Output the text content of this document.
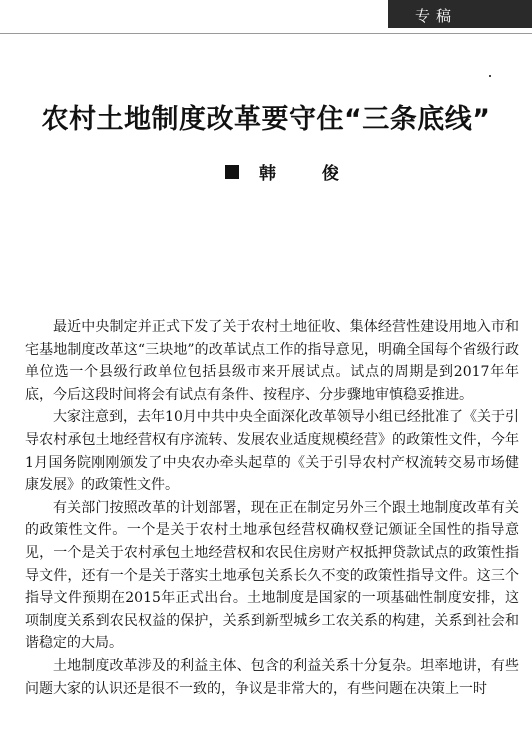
专稿
农村土地制度改革要守住“三条底线”
韩 俊

最近中央制定并正式下发了关于农村土地征收、集体经营性建设用地入市和宅基地制度改革这“三块地”的改革试点工作的指导意见，明确全国每个省级行政单位选一个县级行政单位包括县级市来开展试点。试点的周期是到2017年年底，今后这段时间将会有试点有条件、按程序、分步骤地审慎稳妥推进。

大家注意到，去年10月中共中央全面深化改革领导小组已经批准了《关于引导农村承包土地经营权有序流转、发展农业适度规模经营》的政策性文件，今年1月国务院刚刚颁发了中央农办牵头起草的《关于引导农村产权流转交易市场健康发展》的政策性文件。

有关部门按照改革的计划部署，现在正在制定另外三个跟土地制度改革有关的政策性文件。一个是关于农村土地承包经营权确权登记颁证全国性的指导意见，一个是关于农村承包土地经营权和农民住房财产权抵押贷款试点的政策性指导文件，还有一个是关于落实土地承包关系长久不变的政策性指导文件。这三个指导文件预期在2015年正式出台。土地制度是国家的一项基础性制度安排，这项制度关系到农民权益的保护，关系到新型城乡工农关系的构建，关系到社会和谐稳定的大局。

土地制度改革涉及的利益主体、包含的利益关系十分复杂。坦率地讲，有些问题大家的认识还是很不一致的，争议是非常大的，有些问题在决策上一时
